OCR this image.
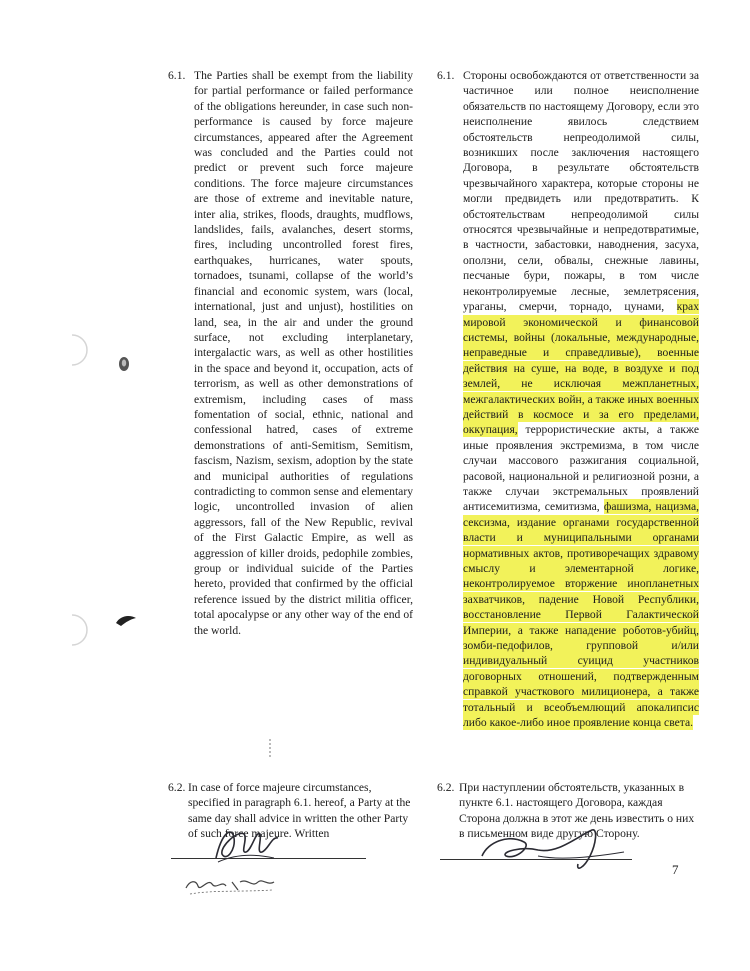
6.1. The Parties shall be exempt from the liability for partial performance or failed performance of the obligations hereunder, in case such non-performance is caused by force majeure circumstances, appeared after the Agreement was concluded and the Parties could not predict or prevent such force majeure conditions. The force majeure circumstances are those of extreme and inevitable nature, inter alia, strikes, floods, draughts, mudflows, landslides, fails, avalanches, desert storms, fires, including uncontrolled forest fires, earthquakes, hurricanes, water spouts, tornadoes, tsunami, collapse of the world’s financial and economic system, wars (local, international, just and unjust), hostilities on land, sea, in the air and under the ground surface, not excluding interplanetary, intergalactic wars, as well as other hostilities in the space and beyond it, occupation, acts of terrorism, as well as other demonstrations of extremism, including cases of mass fomentation of social, ethnic, national and confessional hatred, cases of extreme demonstrations of anti-Semitism, Semitism, fascism, Nazism, sexism, adoption by the state and municipal authorities of regulations contradicting to common sense and elementary logic, uncontrolled invasion of alien aggressors, fall of the New Republic, revival of the First Galactic Empire, as well as aggression of killer droids, pedophile zombies, group or individual suicide of the Parties hereto, provided that confirmed by the official reference issued by the district militia officer, total apocalypse or any other way of the end of the world.
6.1. Стороны освобождаются от ответственности за частичное или полное неисполнение обязательств по настоящему Договору, если это неисполнение явилось следствием обстоятельств непреодолимой силы, возникших после заключения настоящего Договора, в результате обстоятельств чрезвычайного характера, которые стороны не могли предвидеть или предотвратить. К обстоятельствам непреодолимой силы относятся чрезвычайные и непредотвратимые, в частности, забастовки, наводнения, засуха, оползни, сели, обвалы, снежные лавины, песчаные бури, пожары, в том числе неконтролируемые лесные, землетрясения, ураганы, смерчи, торнадо, цунами, крах мировой экономической и финансовой системы, войны (локальные, международные, неправедные и справедливые), военные действия на суше, на воде, в воздухе и под землей, не исключая межпланетных, межгалактических войн, а также иных военных действий в космосе и за его пределами, оккупация, террористические акты, а также иные проявления экстремизма, в том числе случаи массового разжигания социальной, расовой, национальной и религиозной розни, а также случаи экстремальных проявлений антисемитизма, семитизма, фашизма, нацизма, сексизма, издание органами государственной власти и муниципальными органами нормативных актов, противоречащих здравому смыслу и элементарной логике, неконтролируемое вторжение инопланетных захватчиков, падение Новой Республики, восстановление Первой Галактической Империи, а также нападение роботов-убийц, зомби-педофилов, групповой и/или индивидуальный суицид участников договорных отношений, подтвержденным справкой участкового милиционера, а также тотальный и всеобъемлющий апокалипсис либо какое-либо иное проявление конца света.
6.2. In case of force majeure circumstances, specified in paragraph 6.1. hereof, a Party at the same day shall advice in written the other Party of such force majeure. Written
6.2. При наступлении обстоятельств, указанных в пункте 6.1. настоящего Договора, каждая Сторона должна в этот же день известить о них в письменном виде другую Сторону.
7
